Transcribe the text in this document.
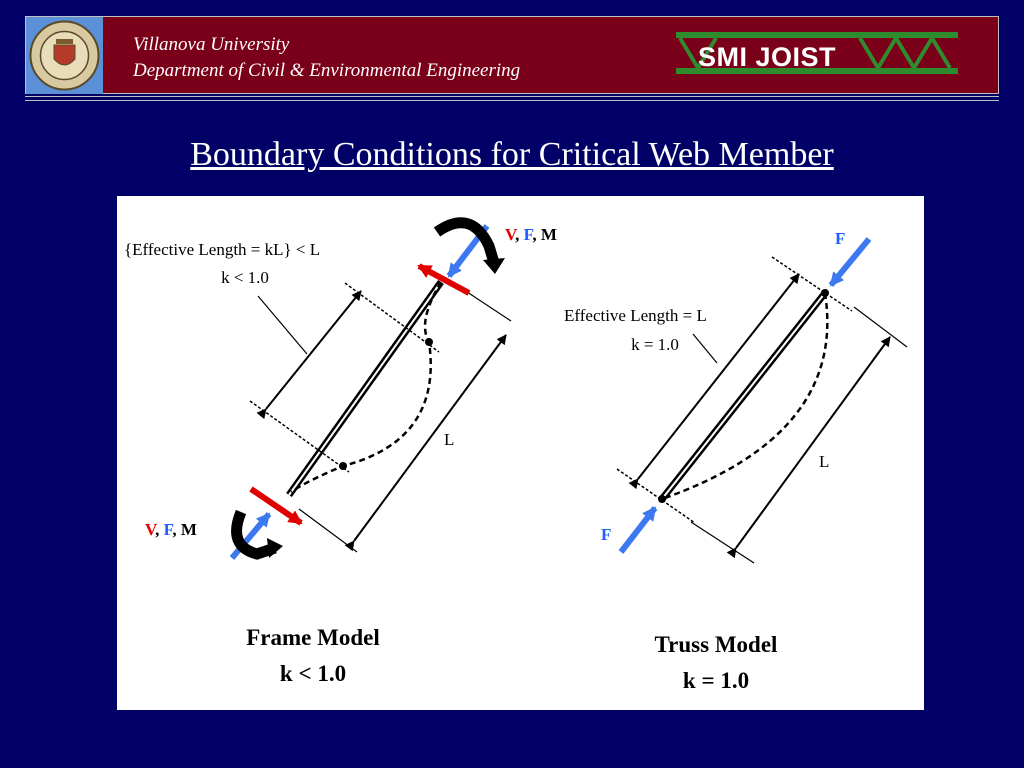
Villanova University
Department of Civil & Environmental Engineering	SMI JOIST
Boundary Conditions for Critical Web Member
{Effective Length = kL} < L
k < 1.0
L
V, F, M
V, F, M
Effective Length = L
k = 1.0
L
F
F
Frame Model
k < 1.0
Truss Model
k = 1.0
